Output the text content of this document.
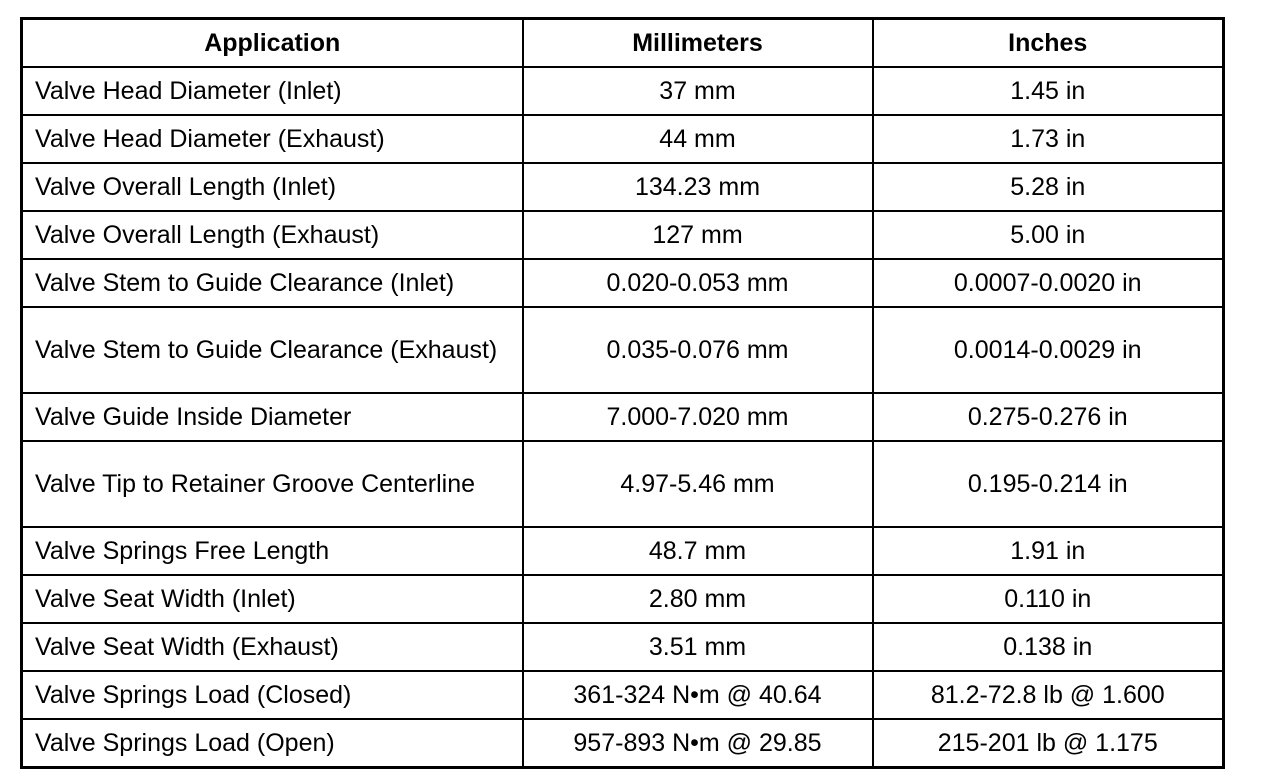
Application	Millimeters	Inches
Valve Head Diameter (Inlet)	37 mm	1.45 in
Valve Head Diameter (Exhaust)	44 mm	1.73 in
Valve Overall Length (Inlet)	134.23 mm	5.28 in
Valve Overall Length (Exhaust)	127 mm	5.00 in
Valve Stem to Guide Clearance (Inlet)	0.020-0.053 mm	0.0007-0.0020 in
Valve Stem to Guide Clearance (Exhaust)	0.035-0.076 mm	0.0014-0.0029 in
Valve Guide Inside Diameter	7.000-7.020 mm	0.275-0.276 in
Valve Tip to Retainer Groove Centerline	4.97-5.46 mm	0.195-0.214 in
Valve Springs Free Length	48.7 mm	1.91 in
Valve Seat Width (Inlet)	2.80 mm	0.110 in
Valve Seat Width (Exhaust)	3.51 mm	0.138 in
Valve Springs Load (Closed)	361-324 N•m @ 40.64	81.2-72.8 lb @ 1.600
Valve Springs Load (Open)	957-893 N•m @ 29.85	215-201 lb @ 1.175
